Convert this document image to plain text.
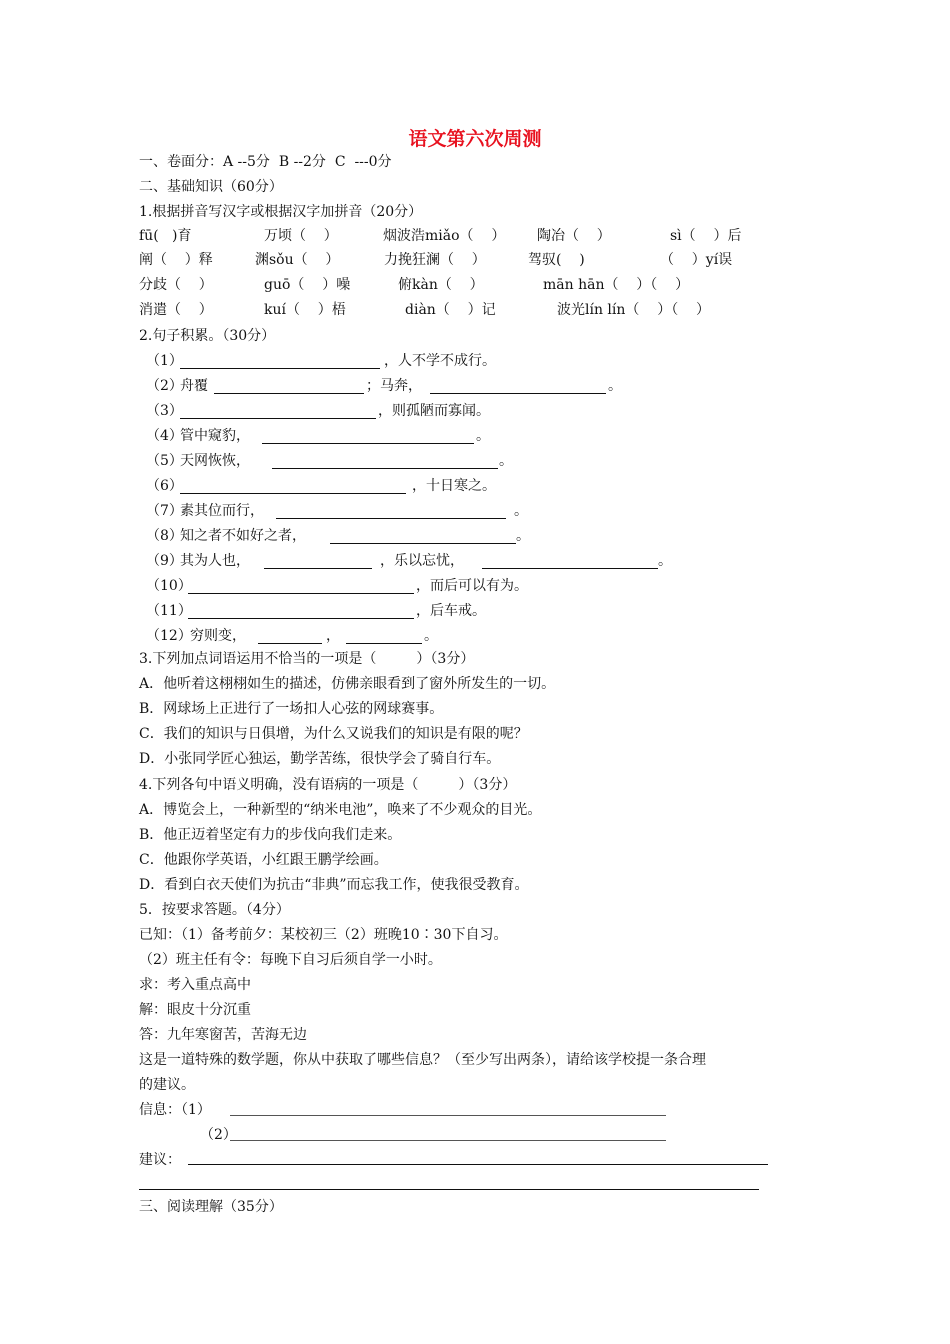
语文第六次周测
一、卷面分：A --5分  B --2分  C  ---0分
二、基础知识（60分）
1.根据拼音写汉字或根据汉字加拼音（20分）
fū(   )育	万顷（    ）	烟波浩miǎo（    ） 陶冶（    ）	sì（    ）后
阐（    ）释	渊sǒu（    ）	力挽狂澜（    ）	驾驭(    )	（    ）yí误
分歧（    ）	guō（    ）噪	俯kàn（    ）	mān hān（    ）（    ）
消遣（    ）	kuí（    ）梧	diàn（    ）记	波光lín lín（    ）（    ）
2.句子积累。（30分）
（1）	，人不学不成行。
（2）
舟覆	；马奔，	。
（3）	，则孤陋而寡闻。
（4）
管中窥豹，	。
（5）
天网恢恢，	。
（6）	，十日寒之。
（7）
素其位而行，	。
（8）
知之者不如好之者，	。
（9）
其为人也，	，乐以忘忧，	。
（10）	，而后可以有为。
（11）	，后车戒。
（12）
穷则变，	，	。
3.下列加点词语运用不恰当的一项是（         ）（3分）
A．他听着这栩栩如生的描述，仿佛亲眼看到了窗外所发生的一切。
B．网球场上正进行了一场扣人心弦的网球赛事。
C．我们的知识与日俱增，为什么又说我们的知识是有限的呢？
D．小张同学匠心独运，勤学苦练，很快学会了骑自行车。
4.下列各句中语义明确，没有语病的一项是（         ）（3分）
A．博览会上，一种新型的“纳米电池”，唤来了不少观众的目光。
B．他正迈着坚定有力的步伐向我们走来。
C．他跟你学英语，小红跟王鹏学绘画。
D．看到白衣天使们为抗击“非典”而忘我工作，使我很受教育。
5．按要求答题。（4分）
已知：（1）备考前夕：某校初三（2）班晚10∶30下自习。
（2）班主任有令：每晚下自习后须自学一小时。
求：考入重点高中
解：眼皮十分沉重
答：九年寒窗苦，苦海无边
这是一道特殊的数学题，你从中获取了哪些信息？（至少写出两条），请给该学校提一条合理
的建议。
信息：（1）
（2）
建议：
三、阅读理解（35分）
